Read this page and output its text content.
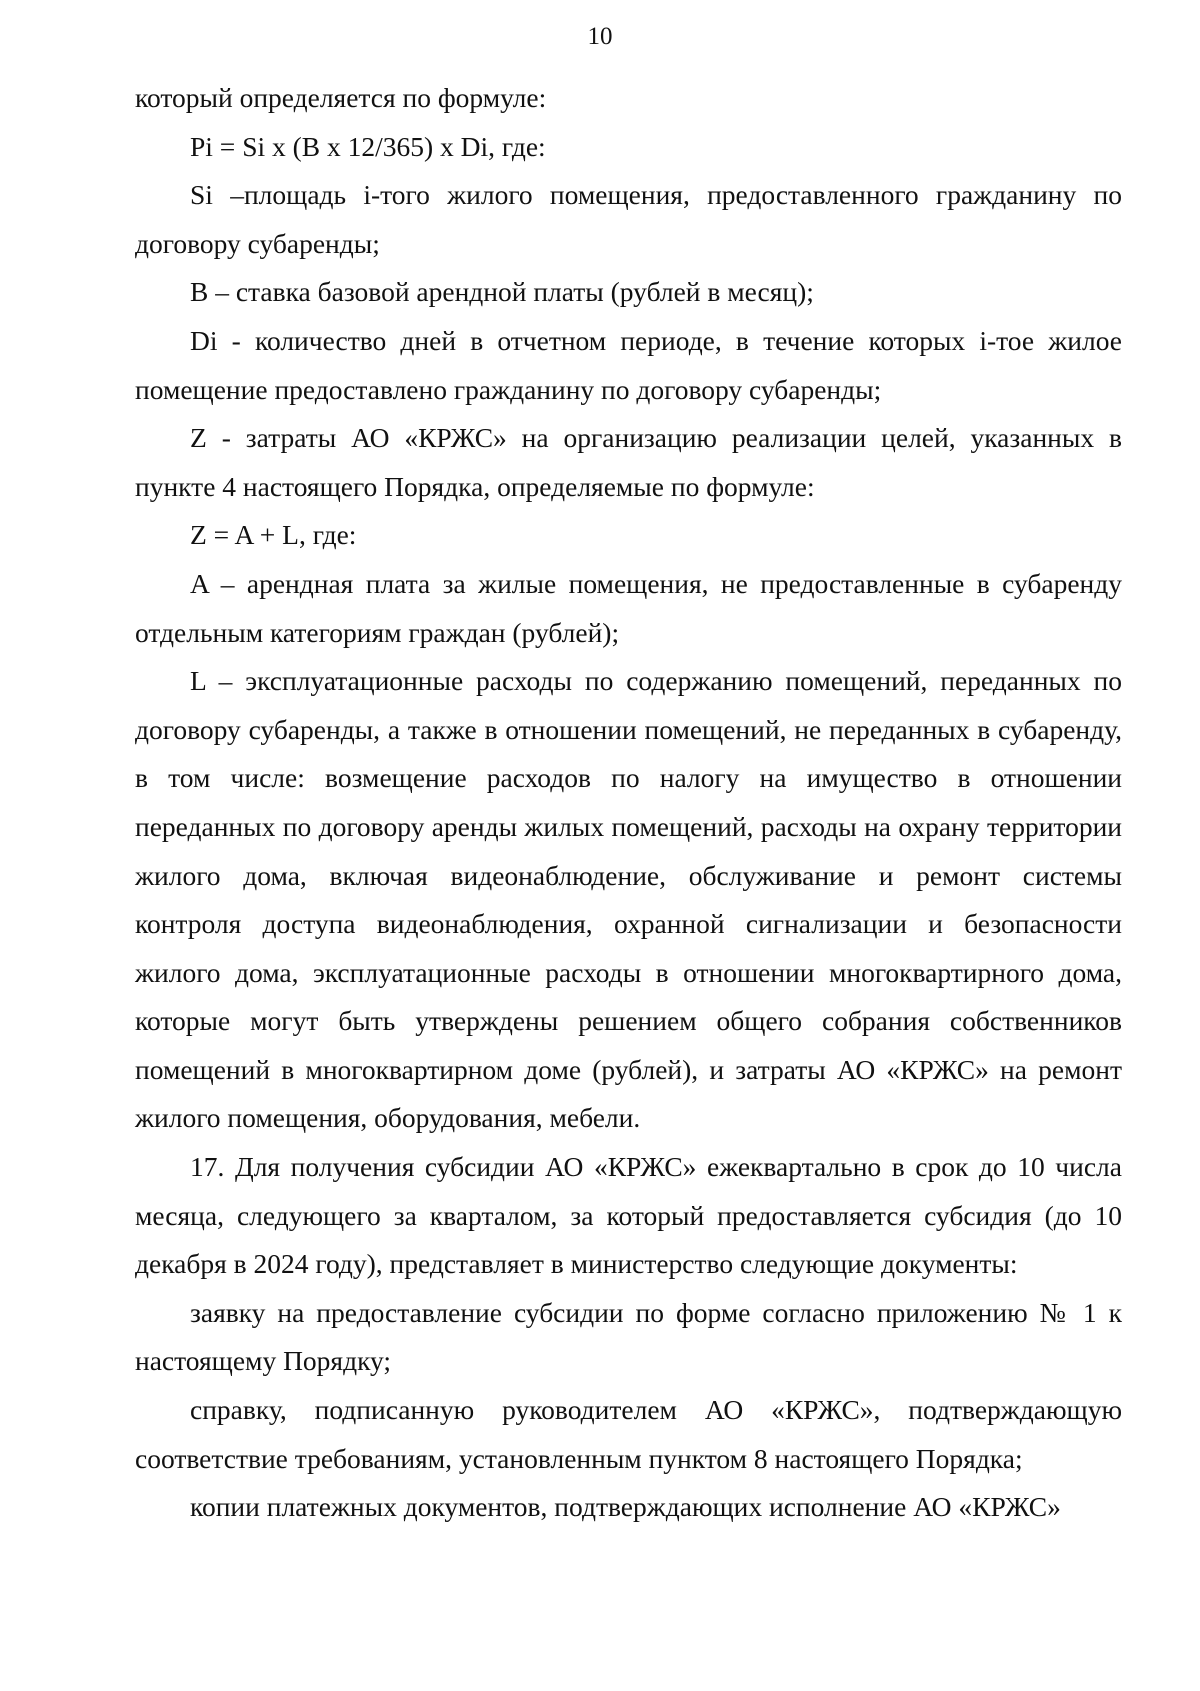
10

который определяется по формуле:

Pi = Si x (B x 12/365) x Di, где:

Si –площадь i-того жилого помещения, предоставленного гражданину по договору субаренды;

B – ставка базовой арендной платы (рублей в месяц);

Di - количество дней в отчетном периоде, в течение которых i-тое жилое помещение предоставлено гражданину по договору субаренды;

Z - затраты АО «КРЖС» на организацию реализации целей, указанных в пункте 4 настоящего Порядка, определяемые по формуле:

Z = A + L, где:

A – арендная плата за жилые помещения, не предоставленные в субаренду отдельным категориям граждан (рублей);

L – эксплуатационные расходы по содержанию помещений, переданных по договору субаренды, а также в отношении помещений, не переданных в субаренду, в том числе: возмещение расходов по налогу на имущество в отношении переданных по договору аренды жилых помещений, расходы на охрану территории жилого дома, включая видеонаблюдение, обслуживание и ремонт системы контроля доступа видеонаблюдения, охранной сигнализации и безопасности жилого дома, эксплуатационные расходы в отношении многоквартирного дома, которые могут быть утверждены решением общего собрания собственников помещений в многоквартирном доме (рублей), и затраты АО «КРЖС» на ремонт жилого помещения, оборудования, мебели.

17. Для получения субсидии АО «КРЖС» ежеквартально в срок до 10 числа месяца, следующего за кварталом, за который предоставляется субсидия (до 10 декабря в 2024 году), представляет в министерство следующие документы:

заявку на предоставление субсидии по форме согласно приложению № 1 к настоящему Порядку;

справку, подписанную руководителем АО «КРЖС», подтверждающую соответствие требованиям, установленным пунктом 8 настоящего Порядка;

копии платежных документов, подтверждающих исполнение АО «КРЖС»
